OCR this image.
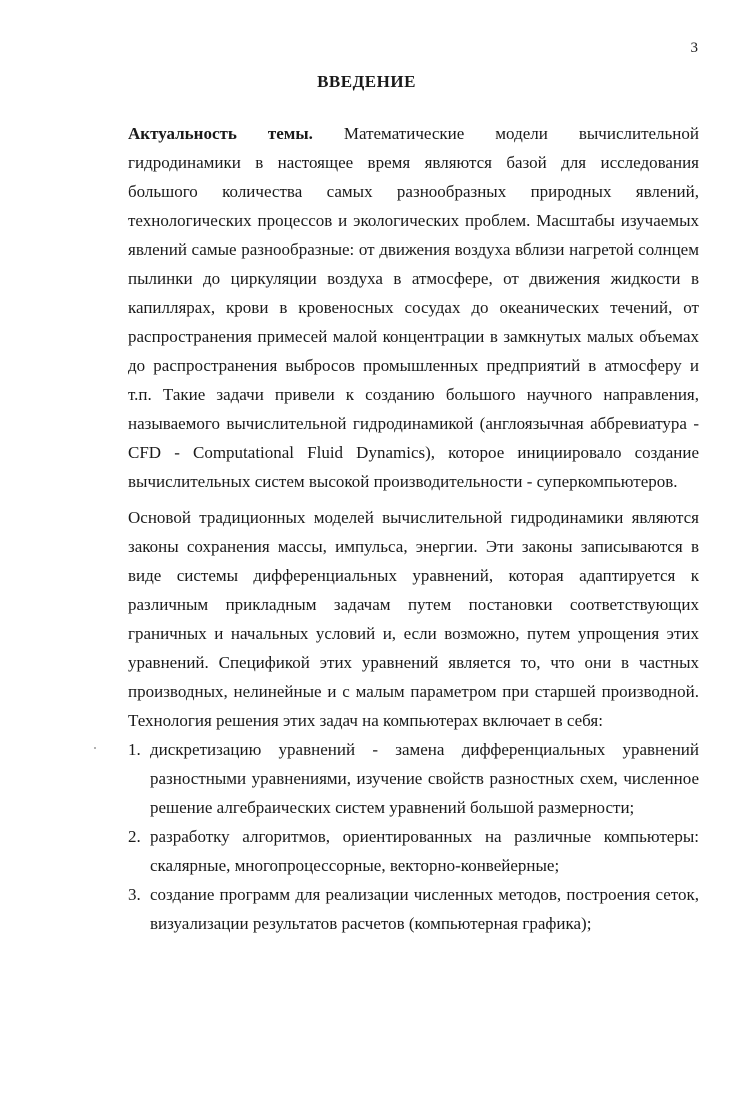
3
ВВЕДЕНИЕ

Актуальность темы. Математические модели вычислительной гидродинамики в настоящее время являются базой для исследования большого количества самых разнообразных природных явлений, технологических процессов и экологических проблем. Масштабы изучаемых явлений самые разнообразные: от движения воздуха вблизи нагретой солнцем пылинки до циркуляции воздуха в атмосфере, от движения жидкости в капиллярах, крови в кровеносных сосудах до океанических течений, от распространения примесей малой концентрации в замкнутых малых объемах до распространения выбросов промышленных предприятий в атмосферу и т.п. Такие задачи привели к созданию большого научного направления, называемого вычислительной гидродинамикой (англоязычная аббревиатура - CFD - Computational Fluid Dynamics), которое инициировало создание вычислительных систем высокой производительности - суперкомпьютеров.

Основой традиционных моделей вычислительной гидродинамики являются законы сохранения массы, импульса, энергии. Эти законы записываются в виде системы дифференциальных уравнений, которая адаптируется к различным прикладным задачам путем постановки соответствующих граничных и начальных условий и, если возможно, путем упрощения этих уравнений. Спецификой этих уравнений является то, что они в частных производных, нелинейные и с малым параметром при старшей производной. Технология решения этих задач на компьютерах включает в себя:

1. дискретизацию уравнений - замена дифференциальных уравнений разностными уравнениями, изучение свойств разностных схем, численное решение алгебраических систем уравнений большой размерности;
2. разработку алгоритмов, ориентированных на различные компьютеры: скалярные, многопроцессорные, векторно-конвейерные;
3. создание программ для реализации численных методов, построения сеток, визуализации результатов расчетов (компьютерная графика);
